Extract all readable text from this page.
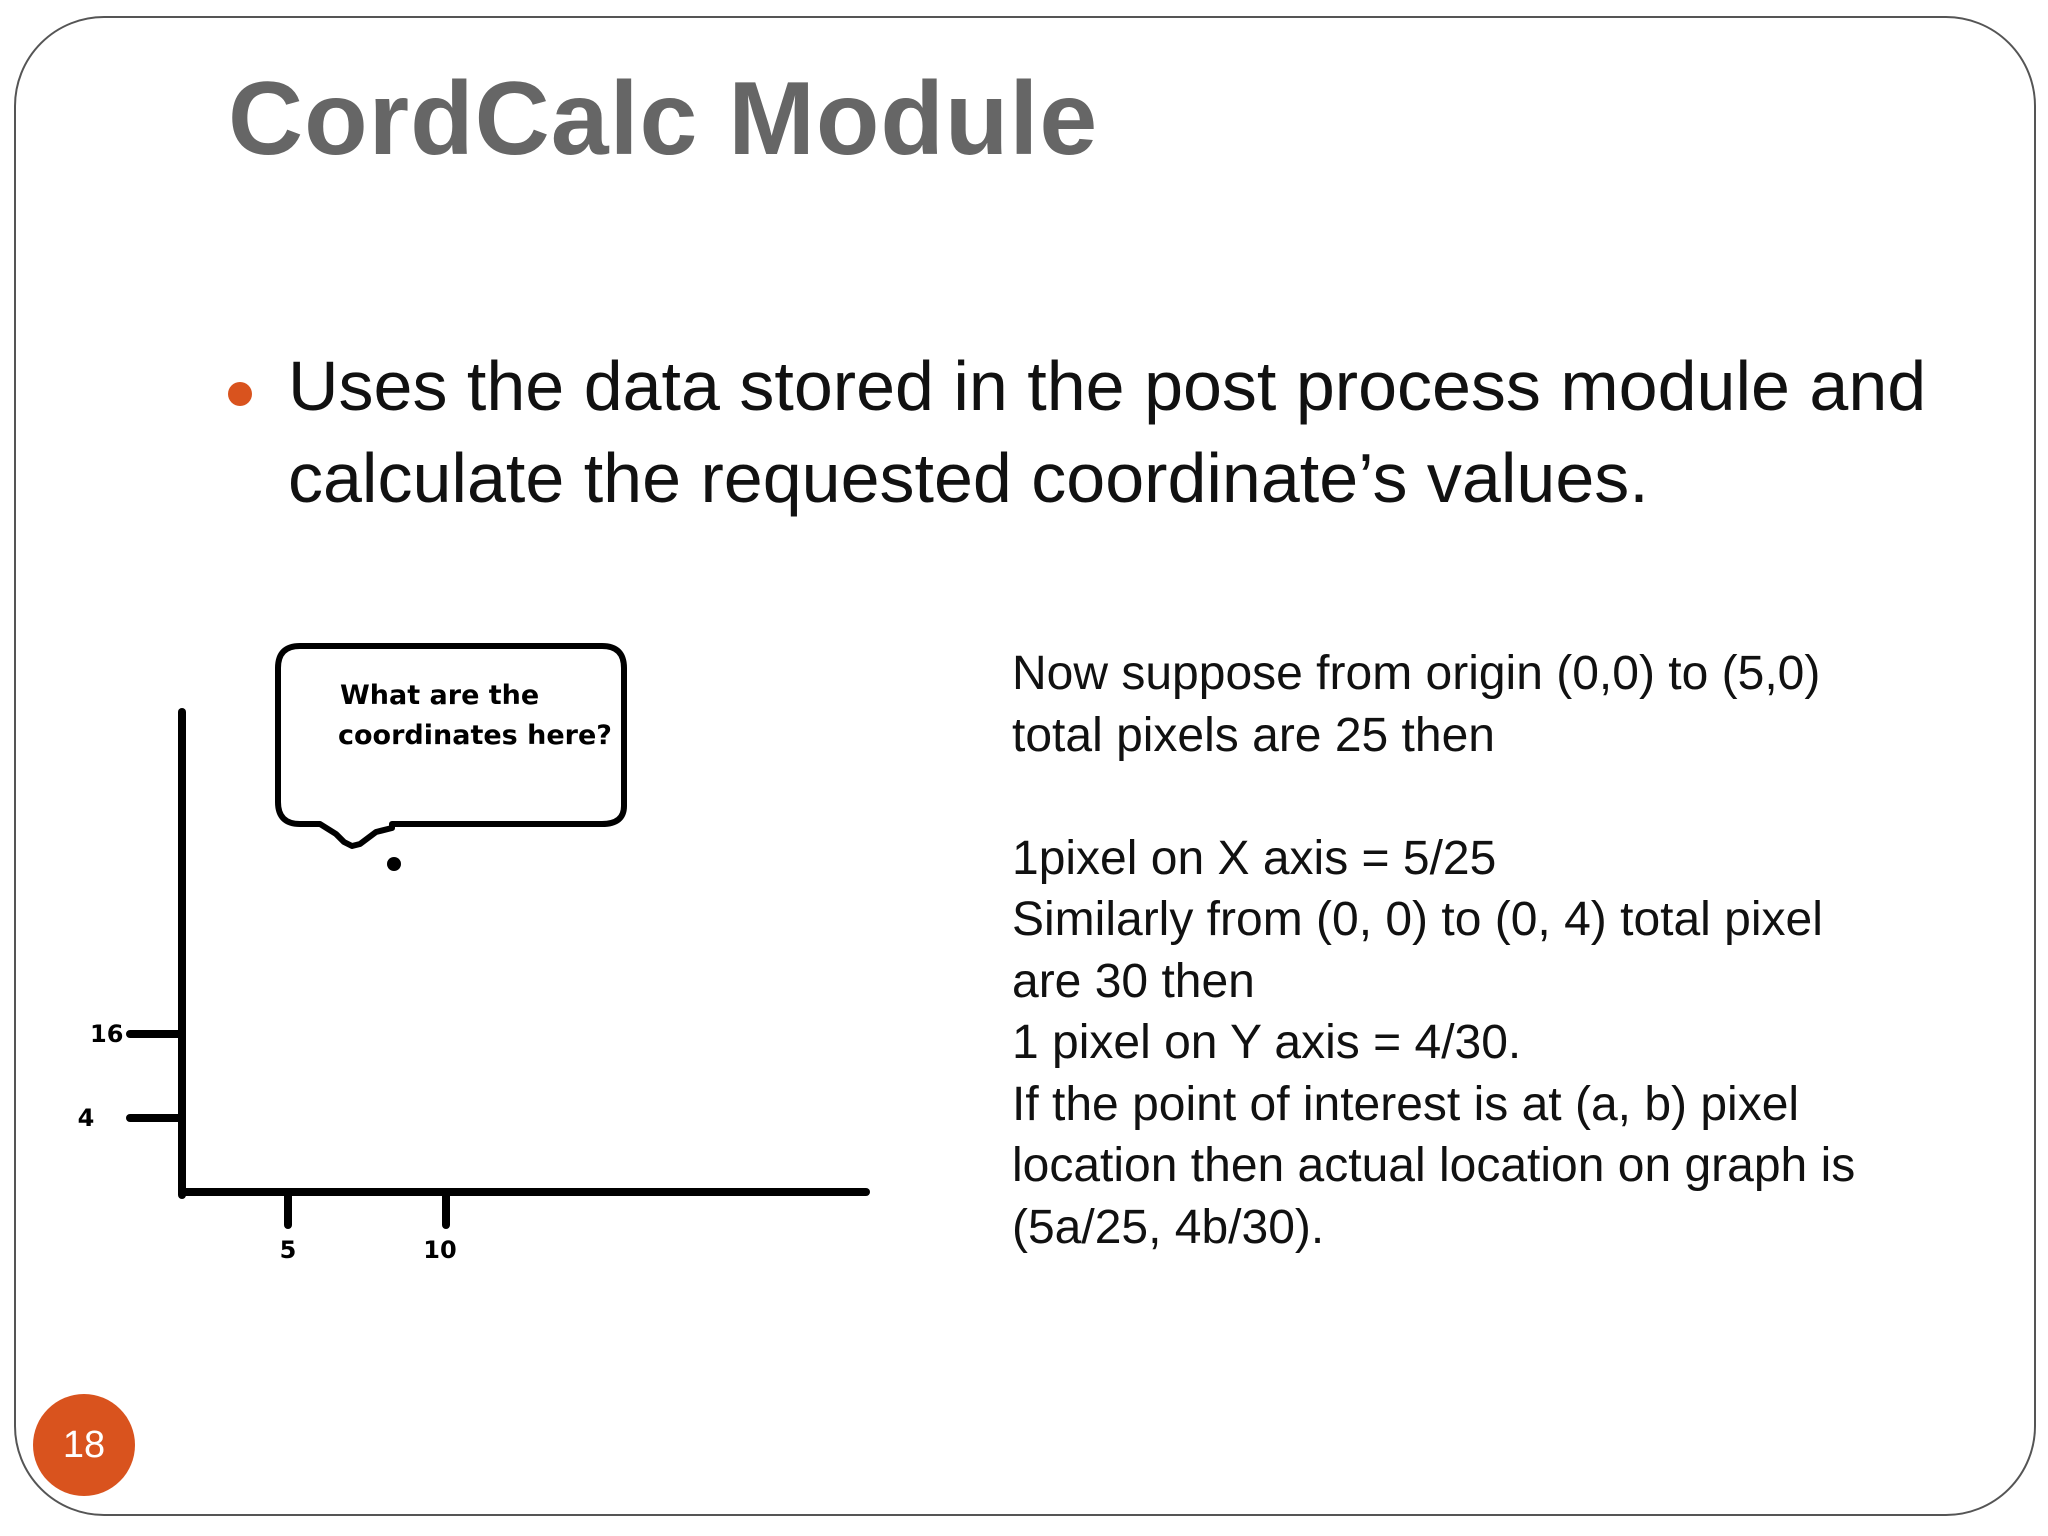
CordCalc Module

Uses the data stored in the post process module and calculate the requested coordinate’s values.

16
4
5	10
What are the
coordinates here?
Now suppose from origin (0,0) to (5,0)
total pixels are 25 then
1pixel on X axis = 5/25
Similarly from (0, 0) to (0, 4) total pixel
are 30 then
1 pixel on Y axis = 4/30.
If the point of interest is at (a, b) pixel
location then actual location on graph is
(5a/25, 4b/30).
18
